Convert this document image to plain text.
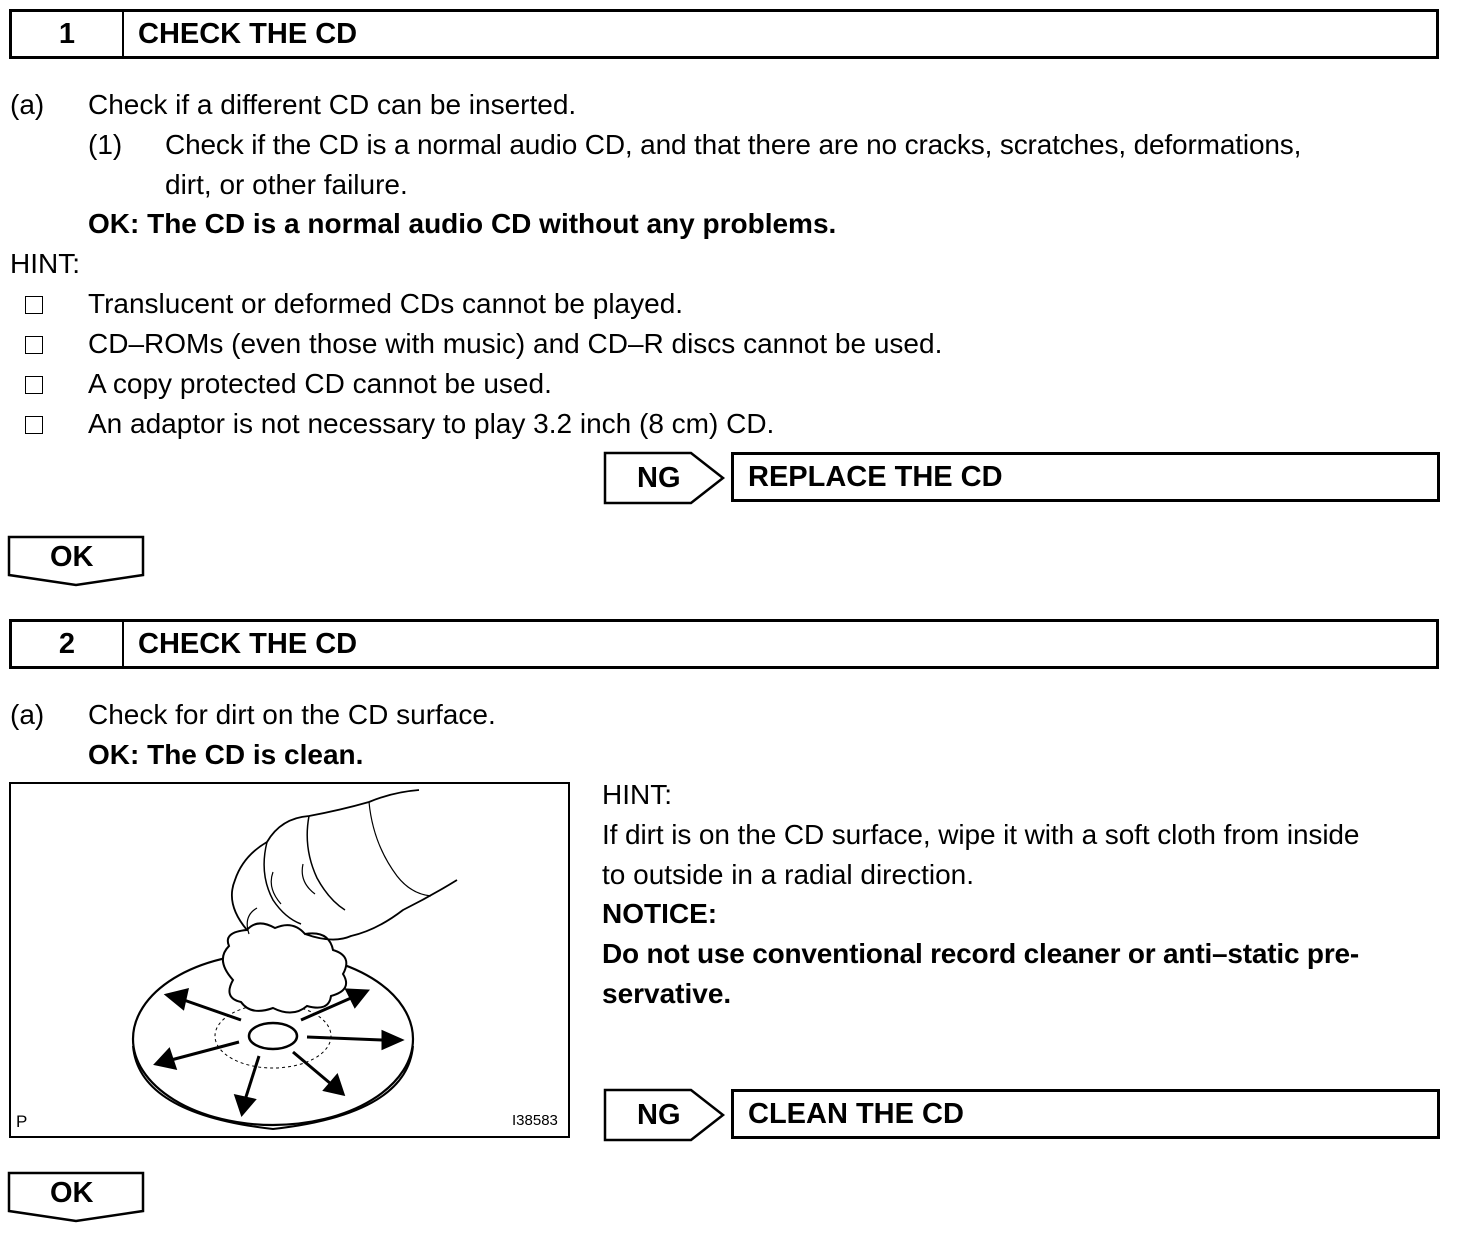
1	CHECK THE CD
(a) Check if a different CD can be inserted.
(1) Check if the CD is a normal audio CD, and that there are no cracks, scratches, deformations,
dirt, or other failure.
OK: The CD is a normal audio CD without any problems.
HINT:
Translucent or deformed CDs cannot be played.
CD–ROMs (even those with music) and CD–R discs cannot be used.
A copy protected CD cannot be used.
An adaptor is not necessary to play 3.2 inch (8 cm) CD.
NG REPLACE THE CD
OK
2	CHECK THE CD
(a) Check for dirt on the CD surface.
OK: The CD is clean.
P	I38583
HINT:
If dirt is on the CD surface, wipe it with a soft cloth from inside
to outside in a radial direction.
NOTICE:
Do not use conventional record cleaner or anti–static pre-
servative.
NG CLEAN THE CD
OK
